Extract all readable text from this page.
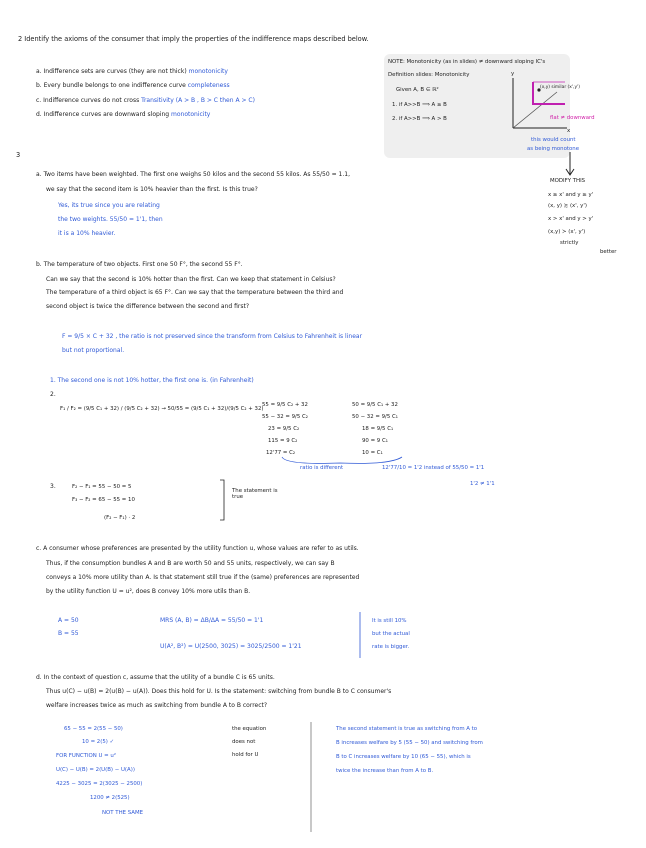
2 Identify the axioms of the consumer that imply the properties of the indifference maps described below.
a. Indifference sets are curves (they are not thick) monotonicity
b. Every bundle belongs to one indifference curve completeness
c. Indifference curves do not cross Transitivity (A > B , B > C then A > C)
d. Indifference curves are downward sloping monotonicity
NOTE: Monotonicity (as in slides) ≠ downward sloping IC's
Definition slides: Monotonicity
Given A, B ∈ ℝ²
1. if A>>B ⟹ A ≥ B
2. if A>>B ⟹ A > B
y
x
(x,y) similar (x',y')
flat ≠ downward
this would count
as being monotone
MODIFY THIS
x ≥ x' and y ≥ y'
(x, y) ≿ (x', y')
x > x' and y > y'
(x,y) ≻ (x', y')
strictly
better
3
a. Two items have been weighted. The first one weighs 50 kilos and the second 55 kilos. As 55/50 = 1.1,
we say that the second item is 10% heavier than the first. Is this true?
Yes, its true since you are relating
the two weights. 55/50 = 1'1, then
it is a 10% heavier.
b. The temperature of two objects. First one 50 F°, the second 55 F°.
Can we say that the second is 10% hotter than the first. Can we keep that statement in Celsius?
The temperature of a third object is 65 F°. Can we say that the temperature between the third and
second object is twice the difference between the second and first?
F = 9/5 × C + 32 , the ratio is not preserved since the transform from Celsius to Fahrenheit is linear
but not proportional.
1. The second one is not 10% hotter, the first one is. (in Fahrenheit)
2.
F₁ / F₂ = (9/5 C₁ + 32) / (9/5 C₂ + 32) → 50/55 = (9/5 C₁ + 32)/(9/5 C₂ + 32)
55 = 9/5 C₂ + 32
55 − 32 = 9/5 C₂
23 = 9/5 C₂
115 = 9 C₂
12'77 = C₂
50 = 9/5 C₁ + 32
50 − 32 = 9/5 C₁
18 = 9/5 C₁
90 = 9 C₁
10 = C₁
ratio is different	12'77/10 = 1'2 instead of 55/50 = 1'1
1'2 ≠ 1'1
3.	F₂ − F₁ = 55 − 50 = 5
F₃ − F₂ = 65 − 55 = 10
(F₂ − F₁) · 2
The statement is true
c. A consumer whose preferences are presented by the utility function u, whose values are refer to as utils.
Thus, if the consumption bundles A and B are worth 50 and 55 units, respectively, we can say B
conveys a 10% more utility than A. Is that statement still true if the (same) preferences are represented
by the utility function U = u², does B convey 10% more utils than B.
A = 50
B = 55
MRS (A, B) = ΔB/ΔA = 55/50 = 1'1
U(A², B²) = U(2500, 3025) = 3025/2500 = 1'21
It is still 10%
but the actual
rate is bigger.
d. In the context of question c, assume that the utility of a bundle C is 65 units.
Thus u(C) − u(B) = 2(u(B) − u(A)). Does this hold for U. Is the statement: switching from bundle B to C consumer's
welfare increases twice as much as switching from bundle A to B correct?
65 − 55 = 2(55 − 50)
10 = 2(5) ✓
FOR FUNCTION U = u²
U(C) − U(B) = 2(U(B) − U(A))
4225 − 3025 = 2(3025 − 2500)
1200 ≠ 2(525)
NOT THE SAME
the equation
does not
hold for U
The second statement is true as switching from A to
B increases welfare by 5 (55 − 50) and switching from
B to C increases welfare by 10 (65 − 55), which is
twice the increase than from A to B.
